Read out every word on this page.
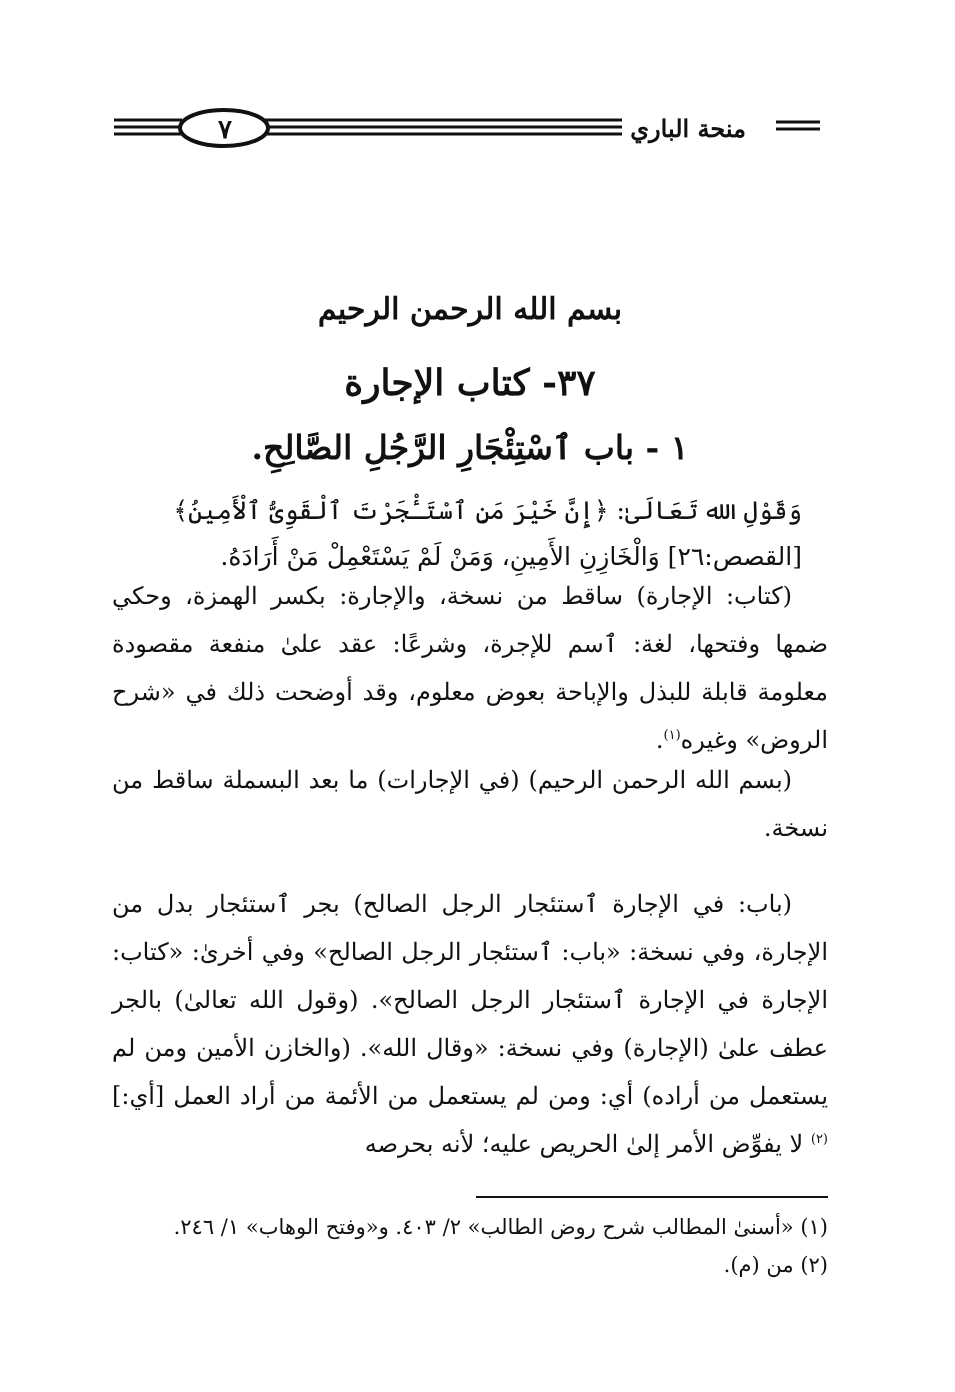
منحة الباري
٧
بسم الله الرحمن الرحيم
٣٧- كتاب الإجارة
١ - باب ٱسْتِئْجَارِ الرَّجُلِ الصَّالِحِ.
وَقَوْلِ الله تَعَالَىٰ: ﴿إِنَّ خَيْرَ مَنِ ٱسْتَـْٔجَرْتَ ٱلْقَوِىُّ ٱلْأَمِينُ﴾
[القصص:٢٦] وَالْخَازِنِ الأَمِينِ، وَمَنْ لَمْ يَسْتَعْمِلْ مَنْ أَرَادَهُ.
(كتاب: الإجارة) ساقط من نسخة، والإجارة: بكسر الهمزة، وحكي ضمها وفتحها، لغة: ٱسم للإجرة، وشرعًا: عقد علىٰ منفعة مقصودة معلومة قابلة للبذل والإباحة بعوض معلوم، وقد أوضحت ذلك في «شرح الروض» وغيره$^{(١)}$.
(بسم الله الرحمن الرحيم) (في الإجارات) ما بعد البسملة ساقط من نسخة.
(باب: في الإجارة ٱستئجار الرجل الصالح) بجر ٱستئجار بدل من الإجارة، وفي نسخة: «باب: ٱستئجار الرجل الصالح» وفي أخرىٰ: «كتاب: الإجارة في الإجارة ٱستئجار الرجل الصالح». (وقول الله تعالىٰ) بالجر عطف علىٰ (الإجارة) وفي نسخة: «وقال الله». (والخازن الأمين ومن لم يستعمل من أراده) أي: ومن لم يستعمل من الأئمة من أراد العمل [أي:]$^{(٢)}$ لا يفوِّض الأمر إلىٰ الحريص عليه؛ لأنه بحرصه
(١) «أسنىٰ المطالب شرح روض الطالب» ٢/ ٤٠٣. و«وفتح الوهاب» ١/ ٢٤٦.
(٢) من (م).
